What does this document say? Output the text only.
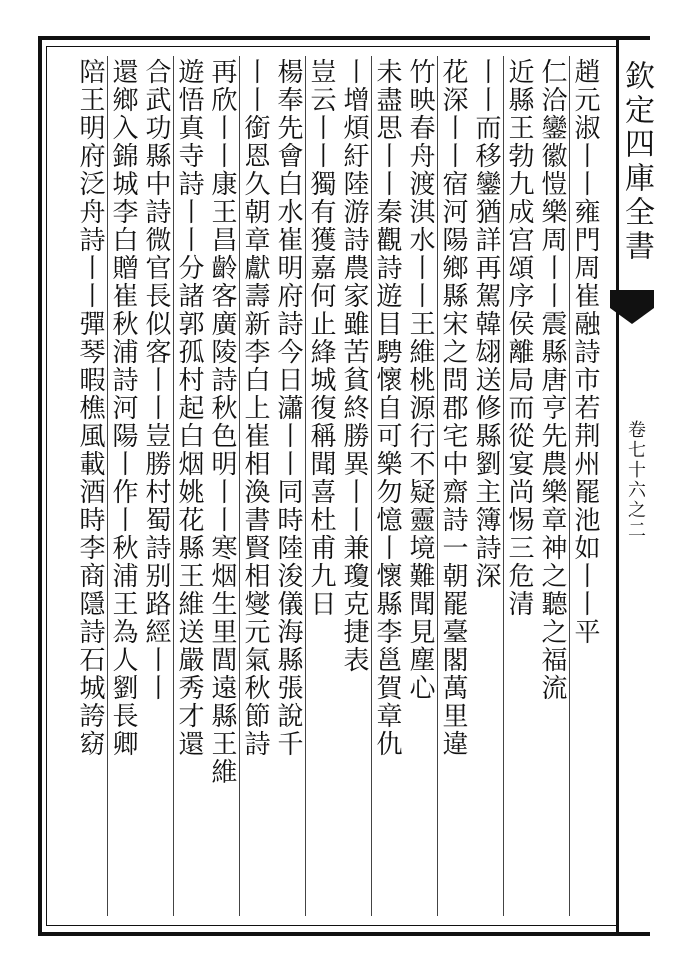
欽定四庫全書
卷七十六之二
趙元淑丨丨雍門周崔融詩市若荆州罷池如丨丨平
仁洽鑾徽愷樂周丨丨震縣唐亨先農樂章神之聽之福流
近縣王勃九成宫頌序侯離局而從宴尚惕三危清
丨丨而移鑾猶詳再駕韓翃送修縣劉主簿詩深
花深丨丨宿河陽鄉縣宋之問郡宅中齋詩一朝罷臺閣萬里違
竹映春舟渡淇水丨丨王維桃源行不疑靈境難聞見塵心
未盡思丨丨秦觀詩遊目騁懷自可樂勿憶丨懷縣李邕賀章仇
丨增煩紆陸游詩農家雖苦貧終勝異丨丨兼瓊克捷表
豈云丨丨獨有獲嘉何止綘城復稱聞喜杜甫九日
楊奉先會白水崔明府詩今日瀟丨丨同時陸浚儀海縣張說千
丨丨銜恩久朝章獻壽新李白上崔相渙書賢相燮元氣秋節詩
再欣丨丨康王昌齡客廣陵詩秋色明丨丨寒烟生里閭遠縣王維
遊悟真寺詩丨丨分諸郭孤村起白烟姚花縣王維送嚴秀才還
合武功縣中詩微官長似客丨丨豈勝村蜀詩别路經丨丨
還鄉入錦城李白贈崔秋浦詩河陽丨作丨秋浦王為人劉長卿
陪王明府泛舟詩丨丨彈琴暇樵風載酒時李商隱詩石城誇窈
